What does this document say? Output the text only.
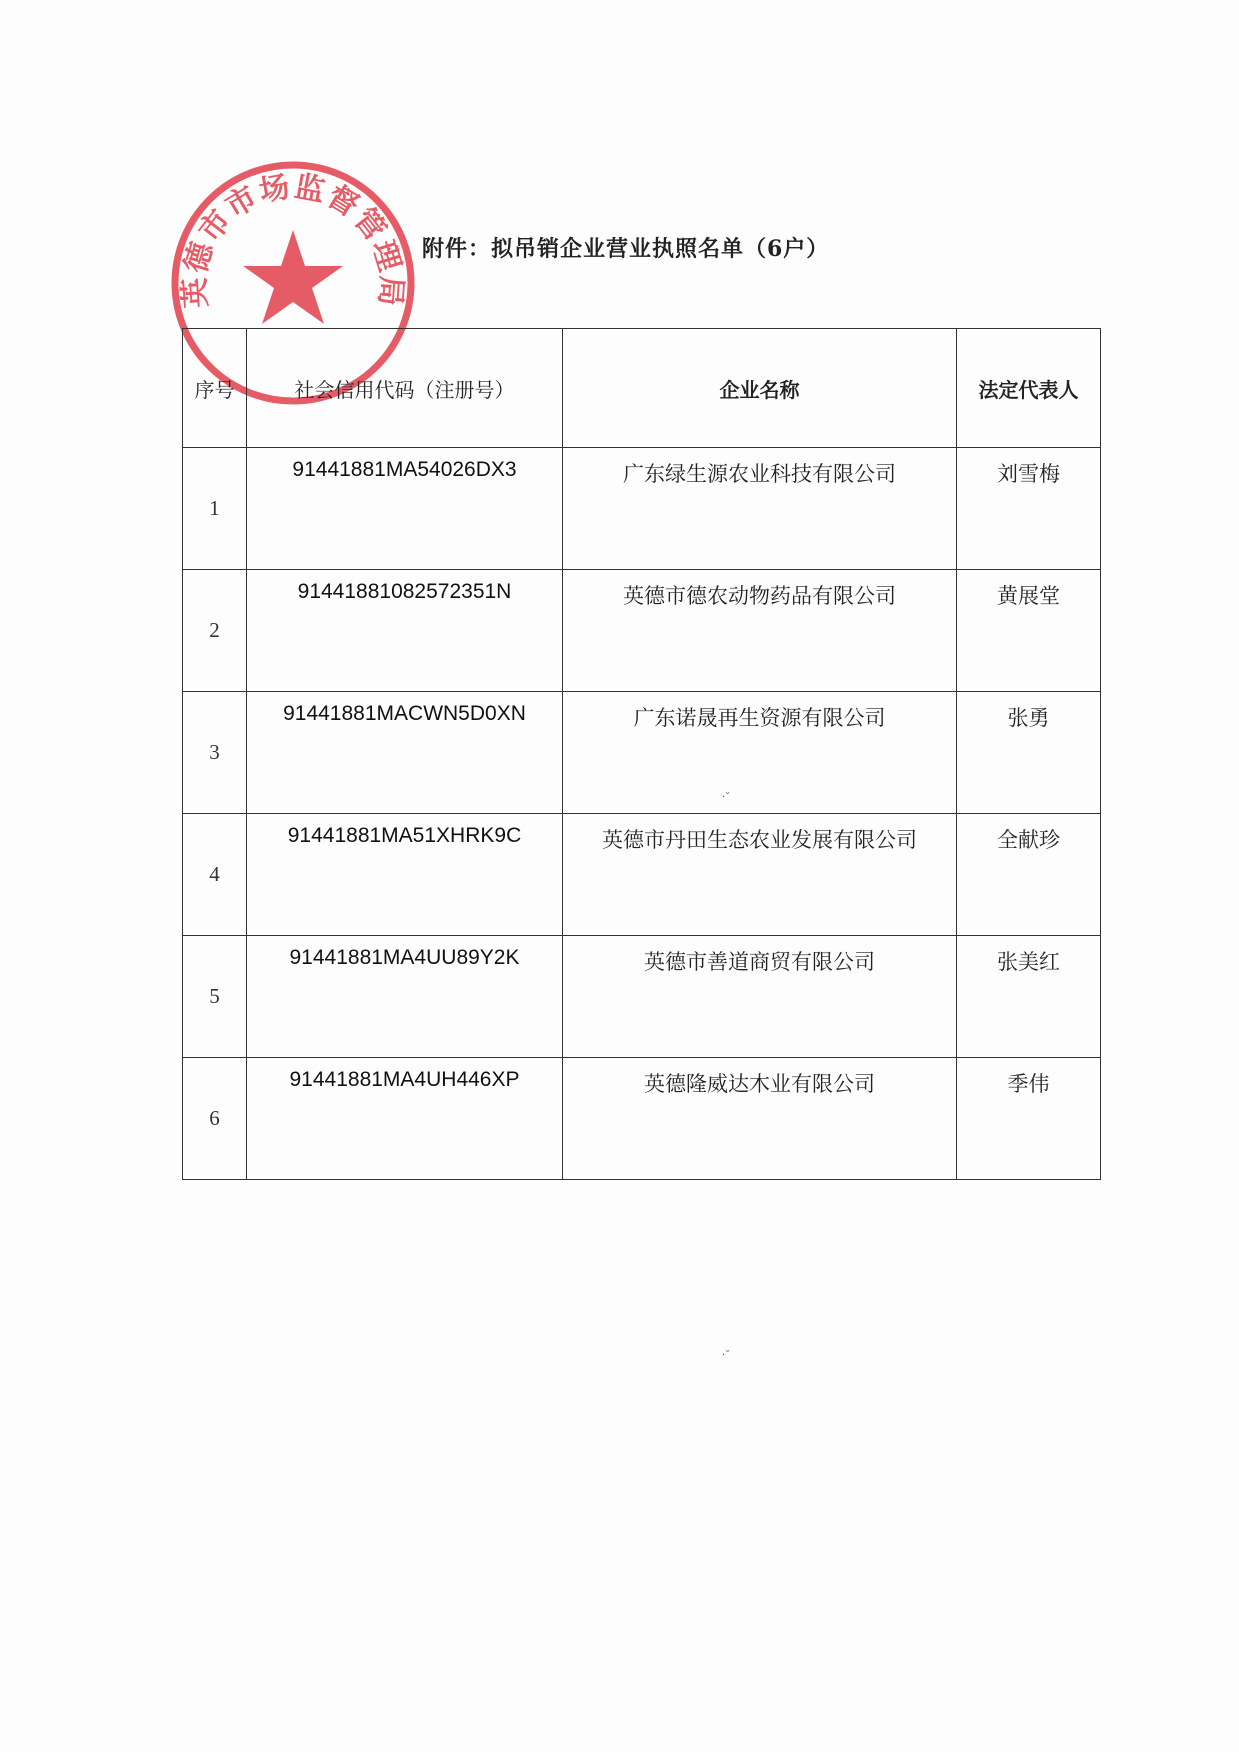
英德市市场监督管理局
附件：拟吊销企业营业执照名单（6户）
序号	社会信用代码（注册号）	企业名称	法定代表人
1	91441881MA54026DX3	广东绿生源农业科技有限公司	刘雪梅

2	91441881082572351N	英德市德农动物药品有限公司	黄展堂

3	91441881MACWN5D0XN	广东诺晟再生资源有限公司	张勇

4	91441881MA51XHRK9C	英德市丹田生态农业发展有限公司	全献珍

5	91441881MA4UU89Y2K	英德市善道商贸有限公司	张美红

6	91441881MA4UH446XP	英德隆威达木业有限公司	季伟
·˘
·˘
